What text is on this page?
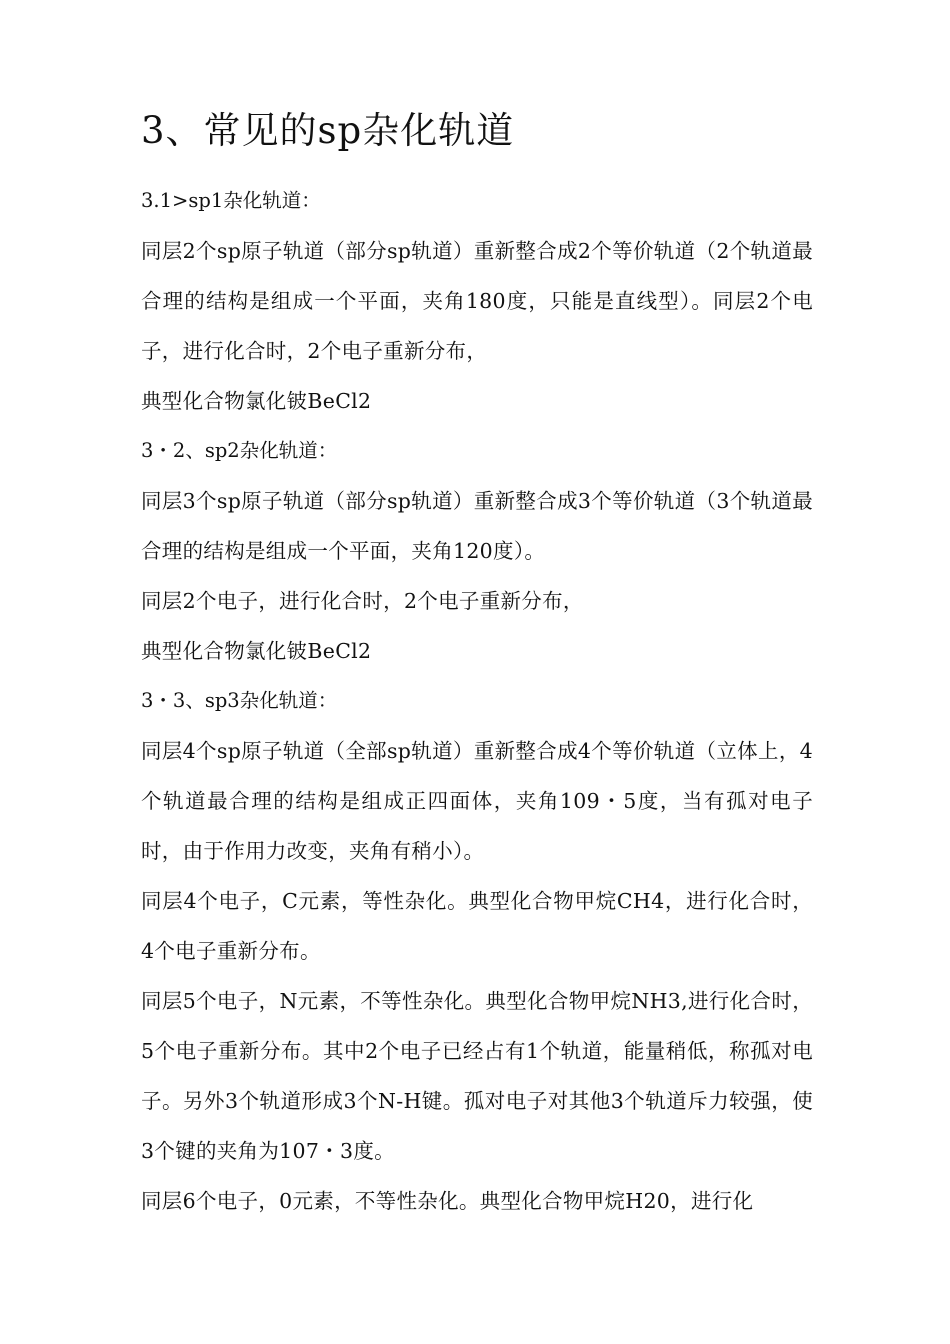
3、常见的sp杂化轨道
3.1>sp1杂化轨道：

同层2个sp原子轨道（部分sp轨道）重新整合成2个等价轨道（2个轨道最合理的结构是组成一个平面，夹角180度，只能是直线型）。同层2个电子，进行化合时，2个电子重新分布，

典型化合物氯化铍BeCl2

3・2、sp2杂化轨道：

同层3个sp原子轨道（部分sp轨道）重新整合成3个等价轨道（3个轨道最合理的结构是组成一个平面，夹角120度）。

同层2个电子，进行化合时，2个电子重新分布，

典型化合物氯化铍BeCl2

3・3、sp3杂化轨道：

同层4个sp原子轨道（全部sp轨道）重新整合成4个等价轨道（立体上，4个轨道最合理的结构是组成正四面体，夹角109・5度，当有孤对电子时，由于作用力改变，夹角有稍小）。

同层4个电子，C元素，等性杂化。典型化合物甲烷CH4，进行化合时，4个电子重新分布。

同层5个电子，N元素，不等性杂化。典型化合物甲烷NH3,进行化合时，5个电子重新分布。其中2个电子已经占有1个轨道，能量稍低，称孤对电子。另外3个轨道形成3个N-H键。孤对电子对其他3个轨道斥力较强，使3个键的夹角为107・3度。

同层6个电子，0元素，不等性杂化。典型化合物甲烷H20，进行化
